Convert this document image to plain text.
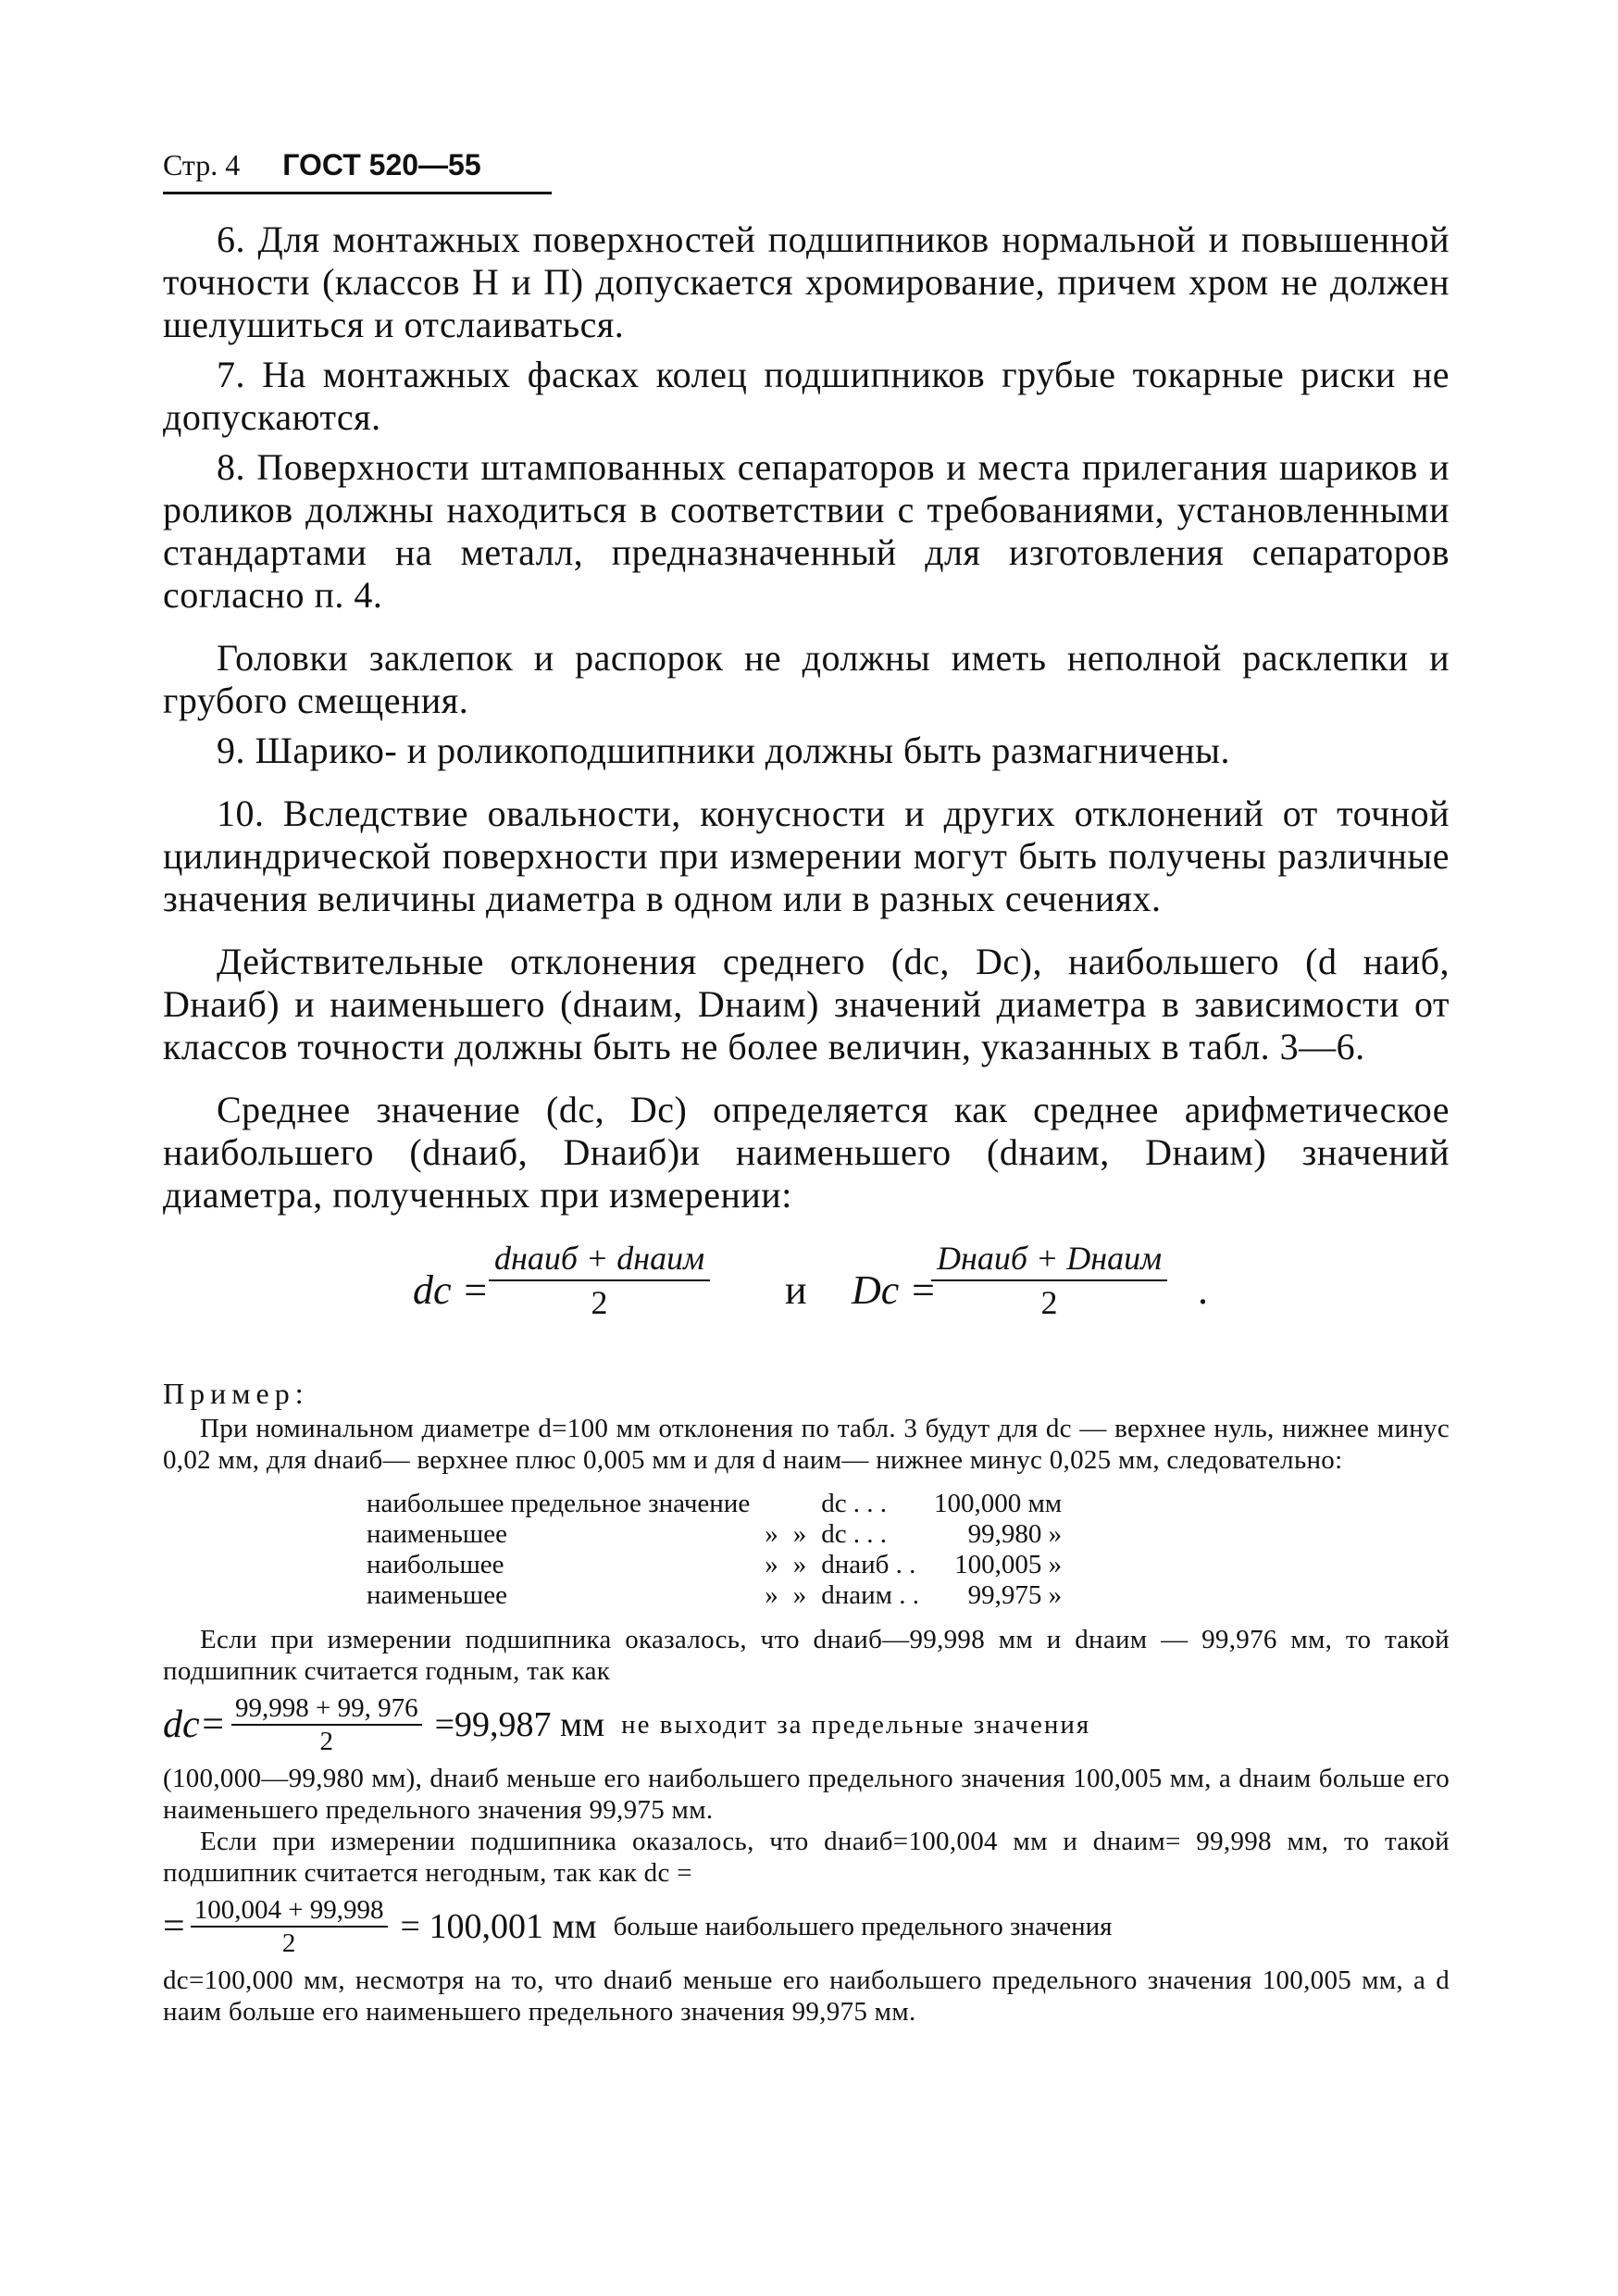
Стр. 4 ГОСТ 520—55

6. Для монтажных поверхностей подшипников нормальной и повышенной точности (классов Н и П) допускается хромирование, причем хром не должен шелушиться и отслаиваться.

7. На монтажных фасках колец подшипников грубые токарные риски не допускаются.

8. Поверхности штампованных сепараторов и места прилегания шариков и роликов должны находиться в соответствии с требованиями, установленными стандартами на металл, предназначенный для изготовления сепараторов согласно п. 4.

Головки заклепок и распорок не должны иметь неполной расклепки и грубого смещения.

9. Шарико- и роликоподшипники должны быть размагничены.

10. Вследствие овальности, конусности и других отклонений от точной цилиндрической поверхности при измерении могут быть получены различные значения величины диаметра в одном или в разных сечениях.

Действительные отклонения среднего (dс, Dс), наибольшего (d наиб, Dнаиб) и наименьшего (dнаим, Dнаим) значений диаметра в зависимости от классов точности должны быть не более величин, указанных в табл. 3—6.

Среднее значение (dс, Dс) определяется как среднее арифметическое наибольшего (dнаиб, Dнаиб)и наименьшего (dнаим, Dнаим) значений диаметра, полученных при измерении:

dс =
dнаиб + dнаим
2	и Dс =
Dнаиб + Dнаим
2	.
Пример:

При номинальном диаметре d=100 мм отклонения по табл. 3 будут для dс — верхнее нуль, нижнее минус 0,02 мм, для dнаиб— верхнее плюс 0,005 мм и для d наим— нижнее минус 0,025 мм, следовательно:

наибольшее предельное значение			dс . . .	100,000 мм
наименьшее	»	»	dс . . .	99,980 »
наибольшее	»	»	dнаиб . .	100,005 »
наименьшее	»	»	dнаим . .	99,975 »

Если при измерении подшипника оказалось, что dнаиб—99,998 мм и dнаим — 99,976 мм, то такой подшипник считается годным, так как

$dс= \frac{99,998 + 99, 976}{2} =99,987$ мм не выходит за предельные значения

(100,000—99,980 мм), dнаиб меньше его наибольшего предельного значения 100,005 мм, а dнаим больше его наименьшего предельного значения 99,975 мм.

Если при измерении подшипника оказалось, что dнаиб=100,004 мм и dнаим= 99,998 мм, то такой подшипник считается негодным, так как dс =

= $\frac{100,004 + 99,998}{2} = 100,001$ мм больше наибольшего предельного значения

dс=100,000 мм, несмотря на то, что dнаиб меньше его наибольшего предельного значения 100,005 мм, а d наим больше его наименьшего предельного значения 99,975 мм.
